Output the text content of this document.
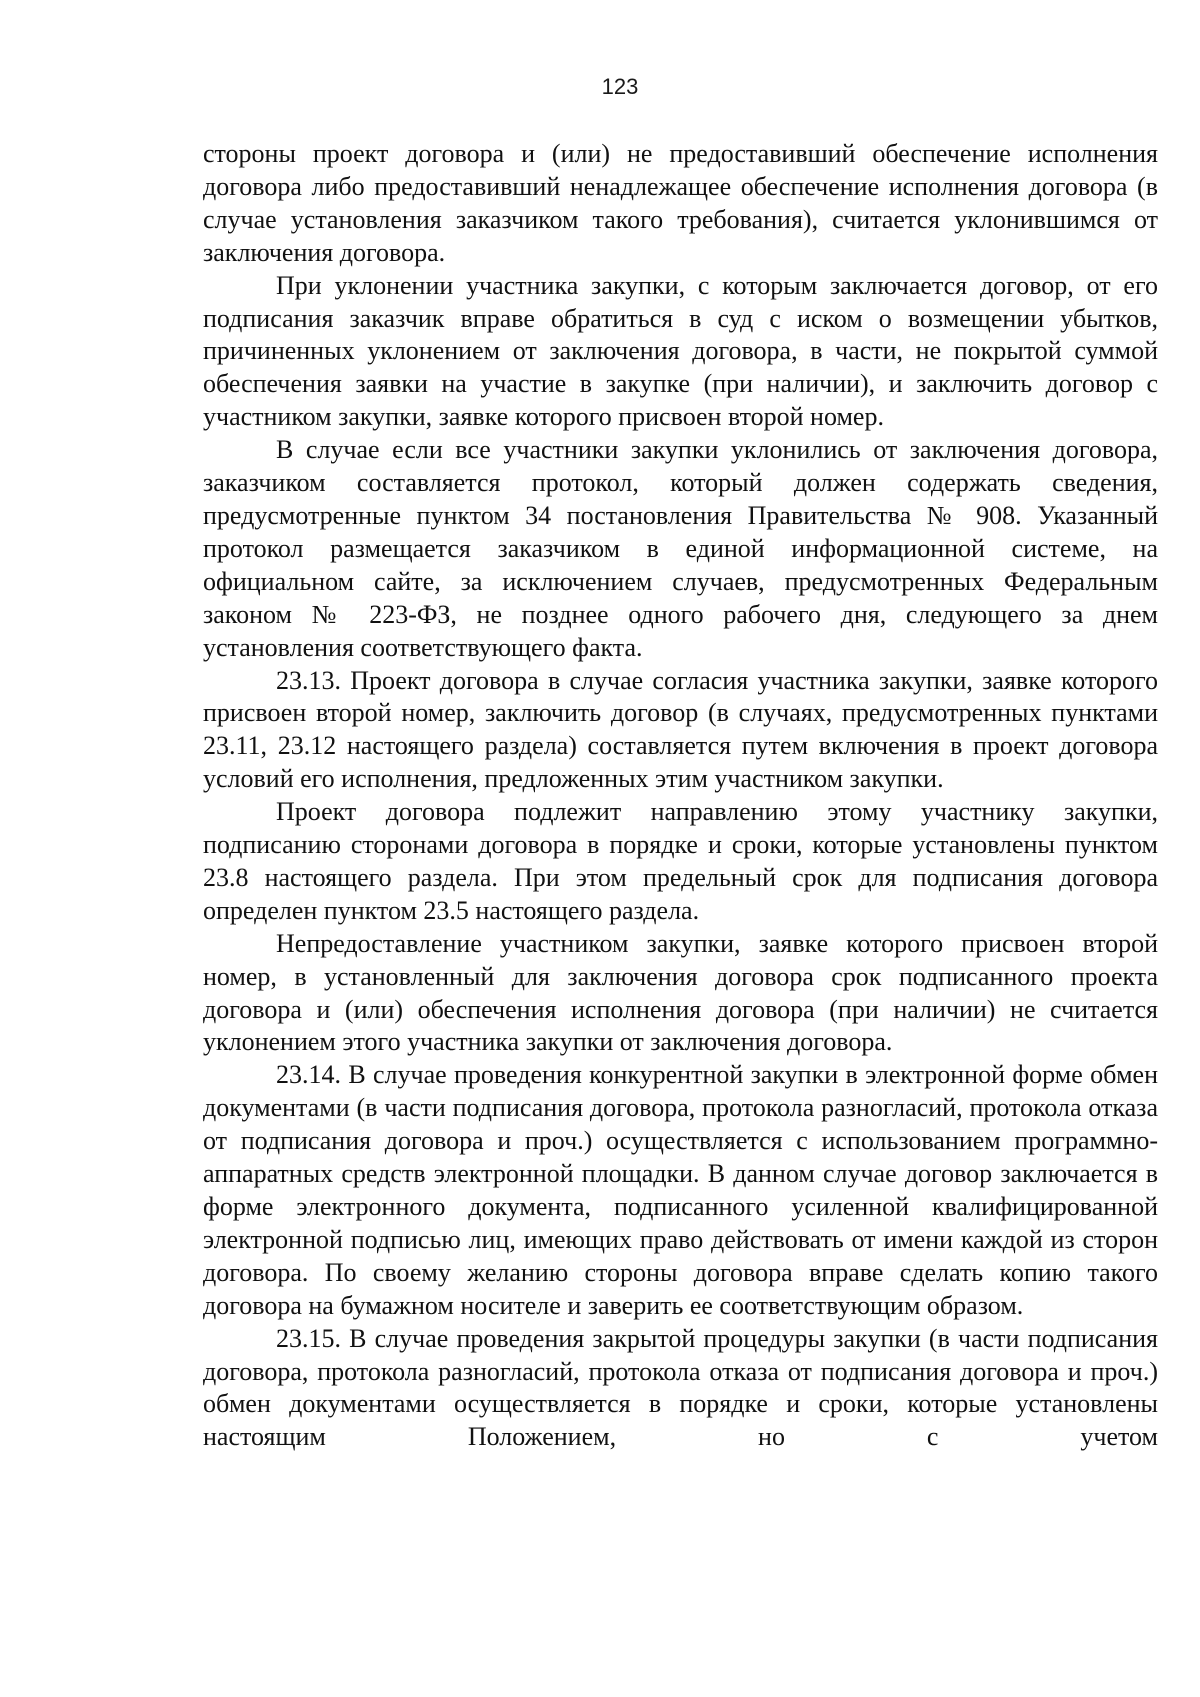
123

стороны проект договора и (или) не предоставивший обеспечение исполнения договора либо предоставивший ненадлежащее обеспечение исполнения договора (в случае установления заказчиком такого требования), считается уклонившимся от заключения договора.

При уклонении участника закупки, с которым заключается договор, от его подписания заказчик вправе обратиться в суд с иском о возмещении убытков, причиненных уклонением от заключения договора, в части, не покрытой суммой обеспечения заявки на участие в закупке (при наличии), и заключить договор с участником закупки, заявке которого присвоен второй номер.

В случае если все участники закупки уклонились от заключения договора, заказчиком составляется протокол, который должен содержать сведения, предусмотренные пунктом 34 постановления Правительства № 908. Указанный протокол размещается заказчиком в единой информационной системе, на официальном сайте, за исключением случаев, предусмотренных Федеральным законом № 223-ФЗ, не позднее одного рабочего дня, следующего за днем установления соответствующего факта.

23.13. Проект договора в случае согласия участника закупки, заявке которого присвоен второй номер, заключить договор (в случаях, предусмотренных пунктами 23.11, 23.12 настоящего раздела) составляется путем включения в проект договора условий его исполнения, предложенных этим участником закупки.

Проект договора подлежит направлению этому участнику закупки, подписанию сторонами договора в порядке и сроки, которые установлены пунктом 23.8 настоящего раздела. При этом предельный срок для подписания договора определен пунктом 23.5 настоящего раздела.

Непредоставление участником закупки, заявке которого присвоен второй номер, в установленный для заключения договора срок подписанного проекта договора и (или) обеспечения исполнения договора (при наличии) не считается уклонением этого участника закупки от заключения договора.

23.14. В случае проведения конкурентной закупки в электронной форме обмен документами (в части подписания договора, протокола разногласий, протокола отказа от подписания договора и проч.) осуществляется с использованием программно-аппаратных средств электронной площадки. В данном случае договор заключается в форме электронного документа, подписанного усиленной квалифицированной электронной подписью лиц, имеющих право действовать от имени каждой из сторон договора. По своему желанию стороны договора вправе сделать копию такого договора на бумажном носителе и заверить ее соответствующим образом.

23.15. В случае проведения закрытой процедуры закупки (в части подписания договора, протокола разногласий, протокола отказа от подписания договора и проч.) обмен документами осуществляется в порядке и сроки, которые установлены настоящим Положением, но с учетом
